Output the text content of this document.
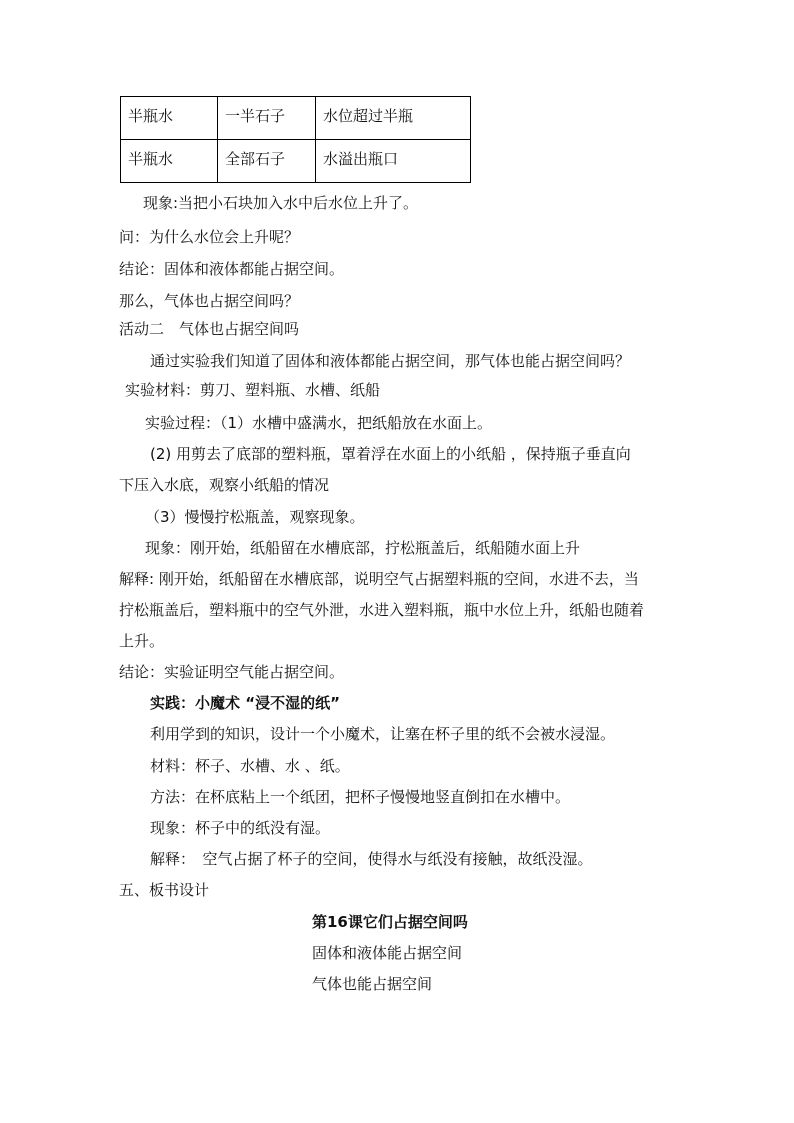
半瓶水	一半石子	水位超过半瓶
半瓶水	全部石子	水溢出瓶口
现象:当把小石块加入水中后水位上升了。
问：为什么水位会上升呢？
结论：固体和液体都能占据空间。
那么，气体也占据空间吗？
活动二　气体也占据空间吗
通过实验我们知道了固体和液体都能占据空间，那气体也能占据空间吗？
实验材料：剪刀、塑料瓶、水槽、纸船
实验过程：（1）水槽中盛满水，把纸船放在水面上。
(2) 用剪去了底部的塑料瓶，罩着浮在水面上的小纸船 ，保持瓶子垂直向
下压入水底，观察小纸船的情况
（3）慢慢拧松瓶盖，观察现象。
现象：刚开始，纸船留在水槽底部，拧松瓶盖后，纸船随水面上升
解释: 刚开始，纸船留在水槽底部，说明空气占据塑料瓶的空间，水进不去，当
拧松瓶盖后，塑料瓶中的空气外泄，水进入塑料瓶，瓶中水位上升，纸船也随着
上升。
结论：实验证明空气能占据空间。
实践：小魔术 “浸不湿的纸”
利用学到的知识，设计一个小魔术，让塞在杯子里的纸不会被水浸湿。
材料：杯子、水槽、水 、纸。
方法：在杯底粘上一个纸团，把杯子慢慢地竖直倒扣在水槽中。
现象：杯子中的纸没有湿。
解释：　空气占据了杯子的空间，使得水与纸没有接触，故纸没湿。
五、板书设计
第16课它们占据空间吗
固体和液体能占据空间
气体也能占据空间
